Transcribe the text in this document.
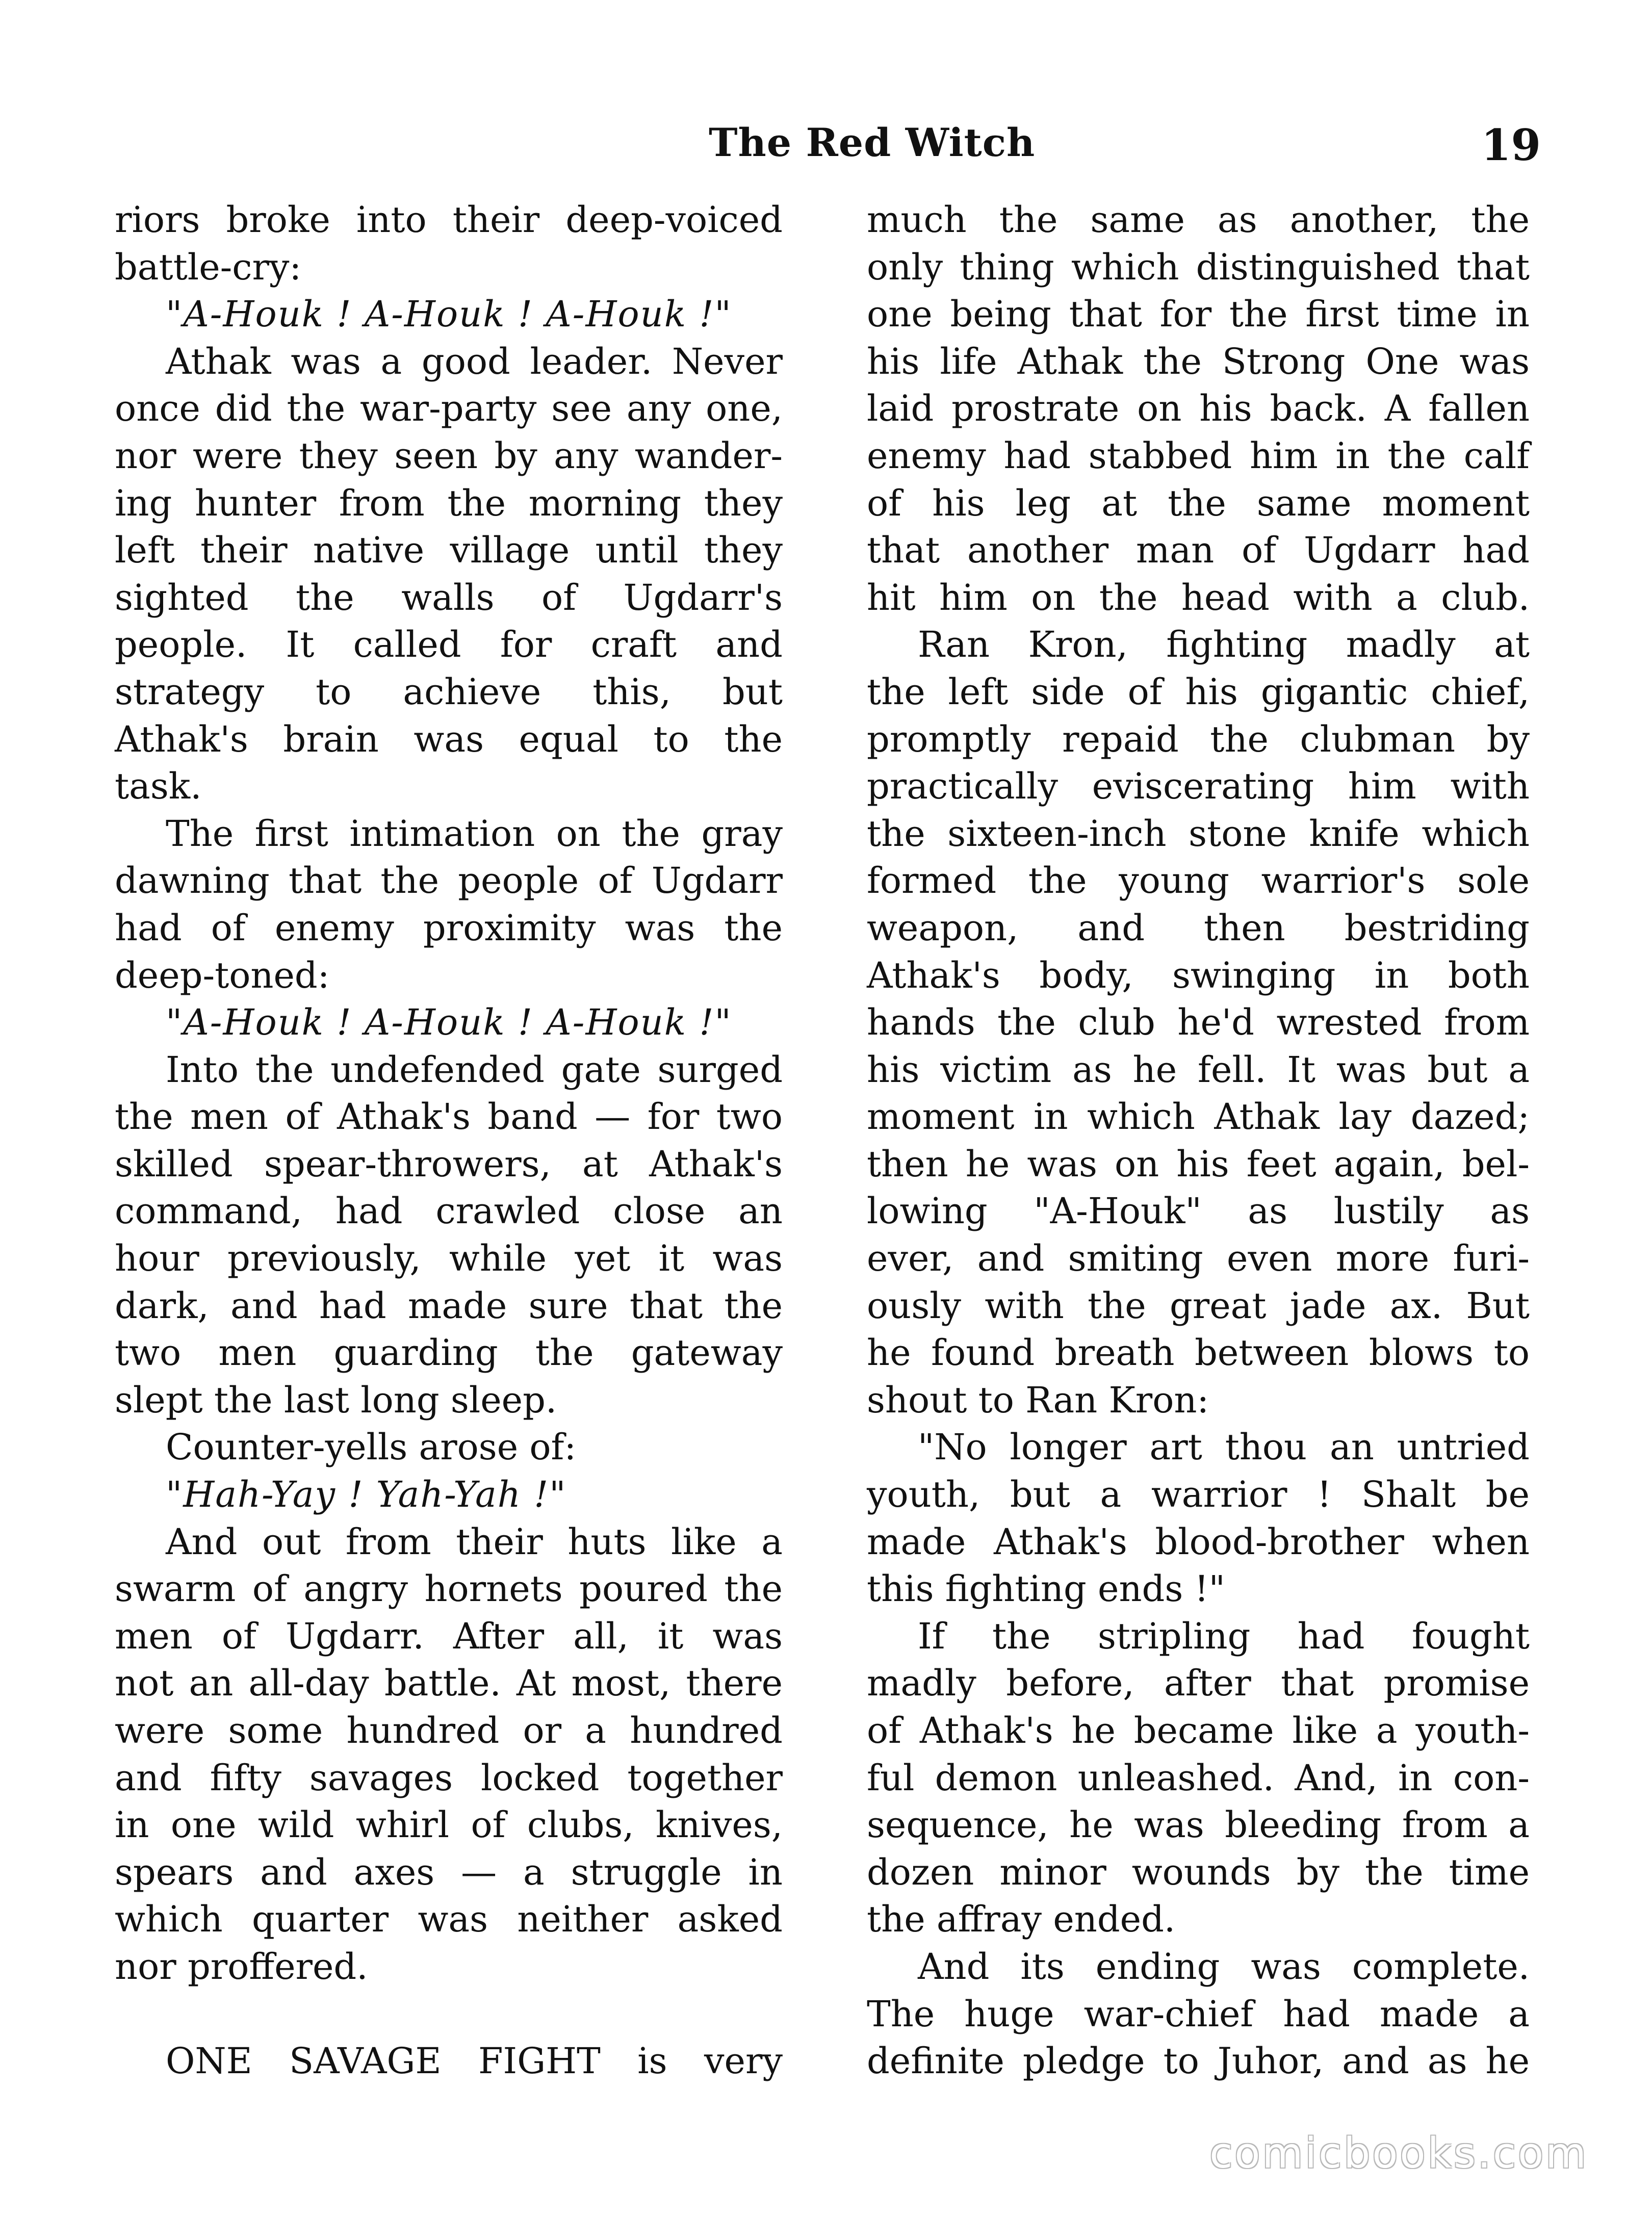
The Red Witch	19
riors broke into their deep-voiced
battle-cry:
"A-Houk ! A-Houk ! A-Houk !"
Athak was a good leader. Never
once did the war-party see any one,
nor were they seen by any wander-
ing hunter from the morning they
left their native village until they
sighted the walls of Ugdarr's
people. It called for craft and
strategy to achieve this, but
Athak's brain was equal to the
task.
The first intimation on the gray
dawning that the people of Ugdarr
had of enemy proximity was the
deep-toned:
"A-Houk ! A-Houk ! A-Houk !"
Into the undefended gate surged
the men of Athak's band — for two
skilled spear-throwers, at Athak's
command, had crawled close an
hour previously, while yet it was
dark, and had made sure that the
two men guarding the gateway
slept the last long sleep.
Counter-yells arose of:
"Hah-Yay ! Yah-Yah !"
And out from their huts like a
swarm of angry hornets poured the
men of Ugdarr. After all, it was
not an all-day battle. At most, there
were some hundred or a hundred
and fifty savages locked together
in one wild whirl of clubs, knives,
spears and axes — a struggle in
which quarter was neither asked
nor proffered.
ONE SAVAGE FIGHT is very
much the same as another, the
only thing which distinguished that
one being that for the first time in
his life Athak the Strong One was
laid prostrate on his back. A fallen
enemy had stabbed him in the calf
of his leg at the same moment
that another man of Ugdarr had
hit him on the head with a club.
Ran Kron, fighting madly at
the left side of his gigantic chief,
promptly repaid the clubman by
practically eviscerating him with
the sixteen-inch stone knife which
formed the young warrior's sole
weapon, and then bestriding
Athak's body, swinging in both
hands the club he'd wrested from
his victim as he fell. It was but a
moment in which Athak lay dazed;
then he was on his feet again, bel-
lowing "A-Houk" as lustily as
ever, and smiting even more furi-
ously with the great jade ax. But
he found breath between blows to
shout to Ran Kron:
"No longer art thou an untried
youth, but a warrior ! Shalt be
made Athak's blood-brother when
this fighting ends !"
If the stripling had fought
madly before, after that promise
of Athak's he became like a youth-
ful demon unleashed. And, in con-
sequence, he was bleeding from a
dozen minor wounds by the time
the affray ended.
And its ending was complete.
The huge war-chief had made a
definite pledge to Juhor, and as he
comicbooks.com
